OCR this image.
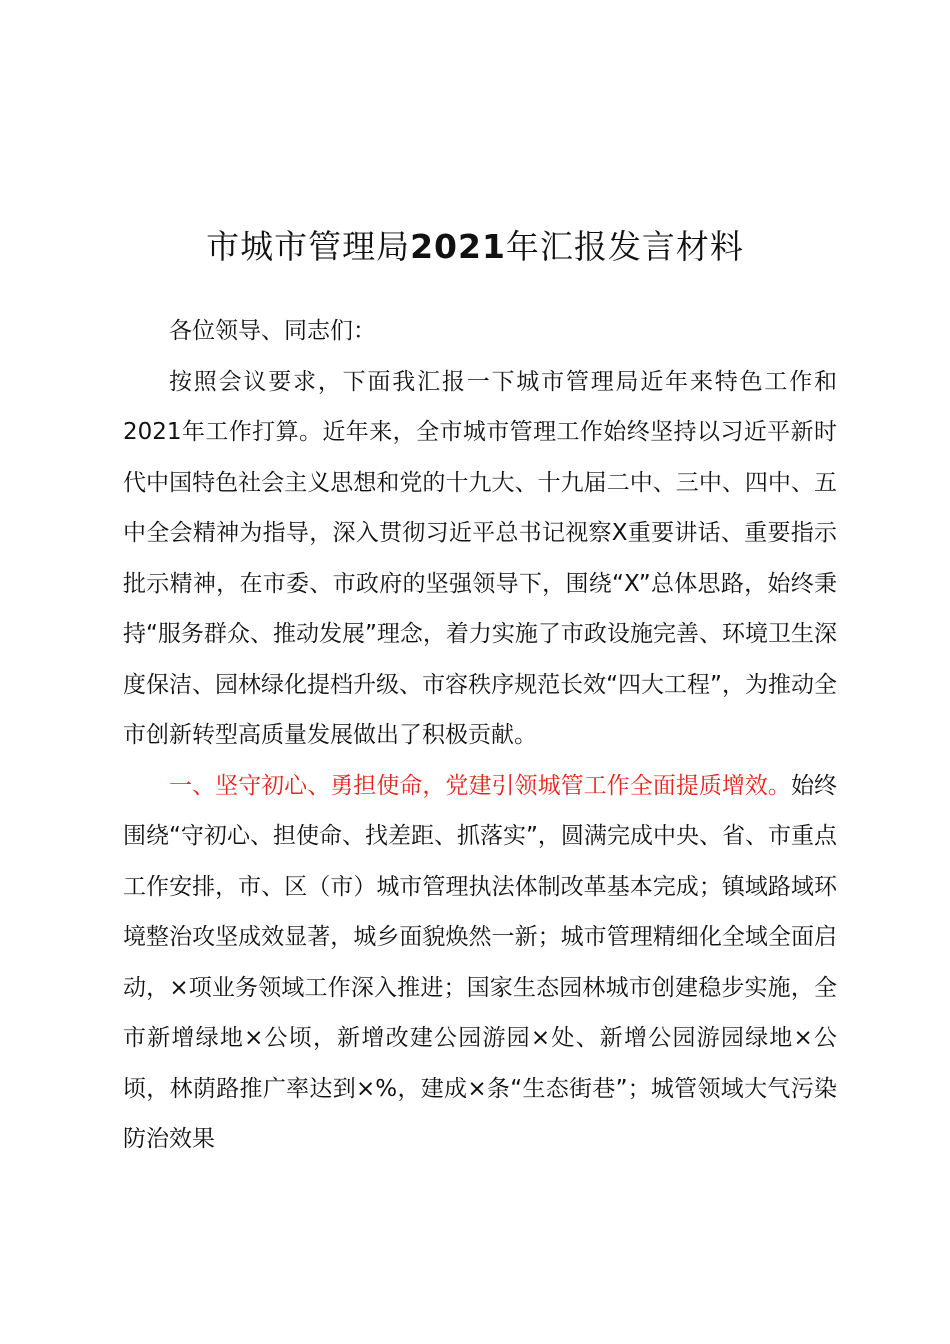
市城市管理局2021年汇报发言材料

各位领导、同志们：

按照会议要求，下面我汇报一下城市管理局近年来特色工作和2021年工作打算。近年来，全市城市管理工作始终坚持以习近平新时代中国特色社会主义思想和党的十九大、十九届二中、三中、四中、五中全会精神为指导，深入贯彻习近平总书记视察X重要讲话、重要指示批示精神，在市委、市政府的坚强领导下，围绕“X”总体思路，始终秉持“服务群众、推动发展”理念，着力实施了市政设施完善、环境卫生深度保洁、园林绿化提档升级、市容秩序规范长效“四大工程”，为推动全市创新转型高质量发展做出了积极贡献。

一、坚守初心、勇担使命，党建引领城管工作全面提质增效。始终围绕“守初心、担使命、找差距、抓落实”，圆满完成中央、省、市重点工作安排，市、区（市）城市管理执法体制改革基本完成；镇域路域环境整治攻坚成效显著，城乡面貌焕然一新；城市管理精细化全域全面启动，×项业务领域工作深入推进；国家生态园林城市创建稳步实施，全市新增绿地×公顷，新增改建公园游园×处、新增公园游园绿地×公顷，林荫路推广率达到×%，建成×条“生态街巷”；城管领域大气污染防治效果
